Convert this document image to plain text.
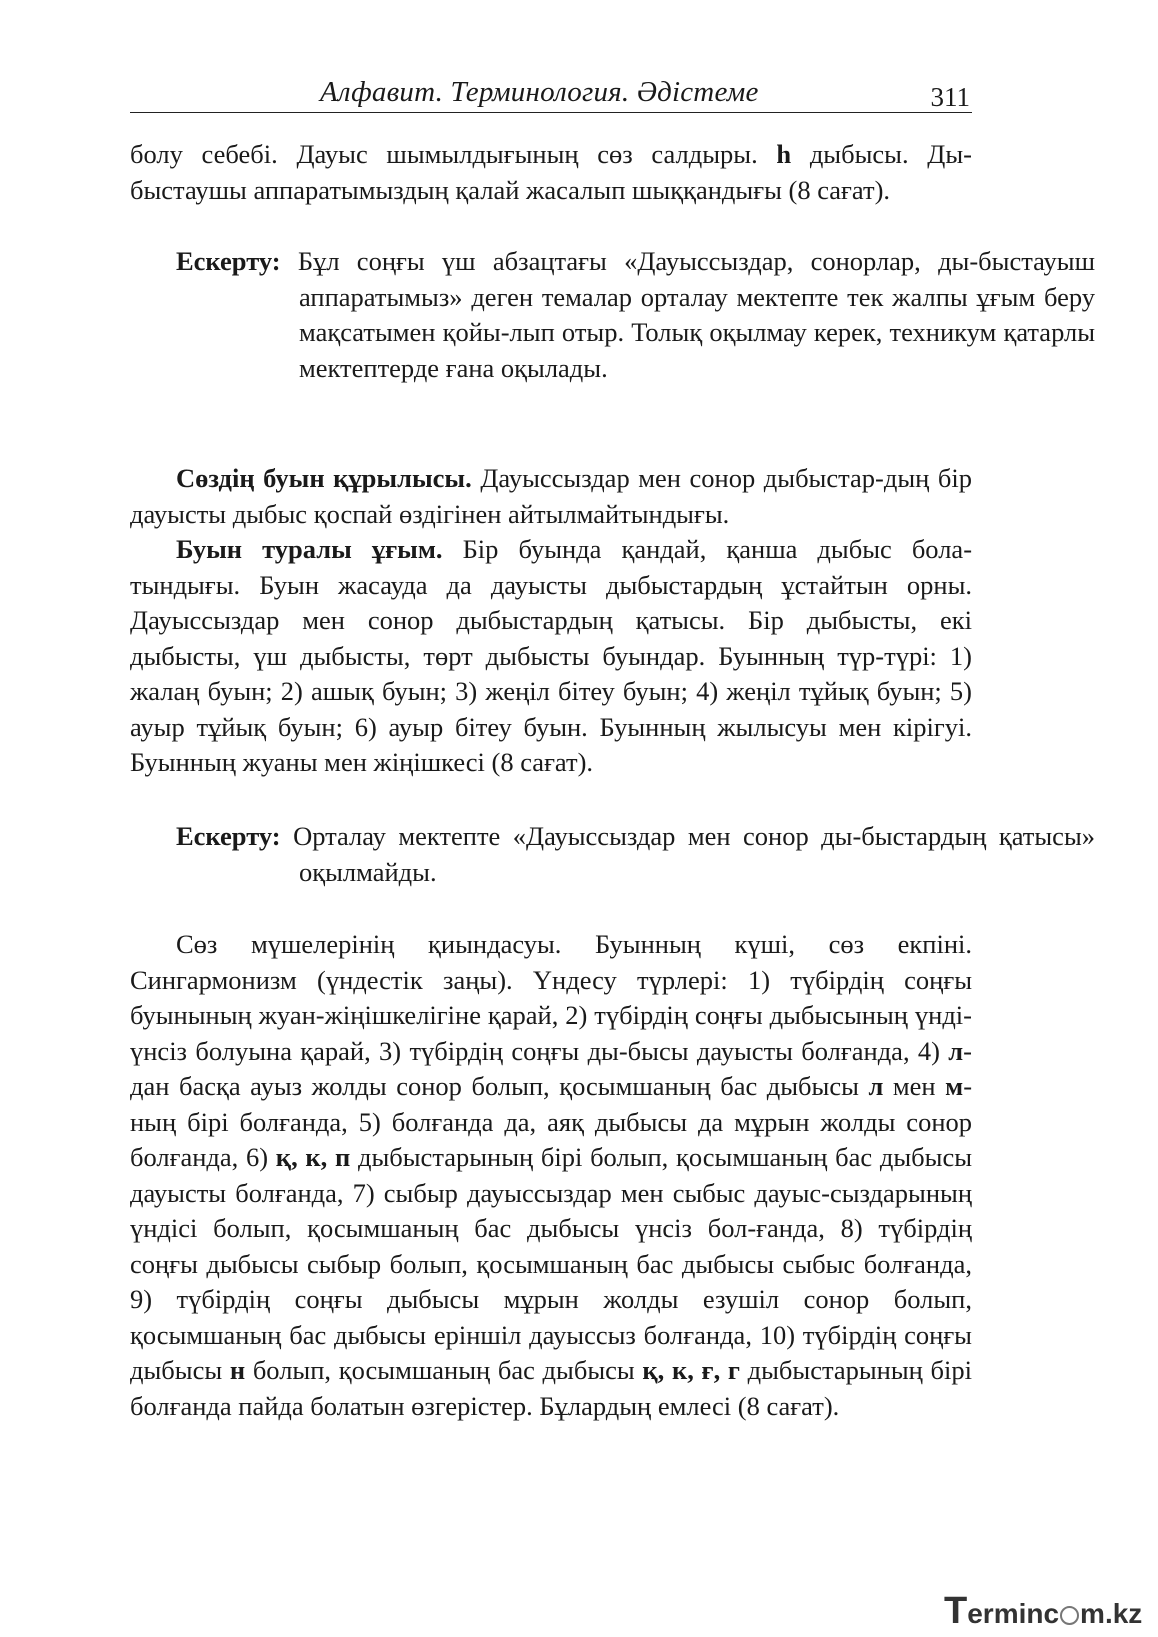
Алфавит. Терминология. Әдістеме	311

болу себебі. Дауыс шымылдығының сөз салдыры. һ дыбысы. Ды-быстаушы аппаратымыздың қалай жасалып шыққандығы (8 сағат).

Ескерту: Бұл соңғы үш абзацтағы «Дауыссыздар, сонорлар, ды-быстауыш аппаратымыз» деген темалар орталау мектепте тек жалпы ұғым беру мақсатымен қойы-лып отыр. Толық оқылмау керек, техникум қатарлы мектептерде ғана оқылады.

Сөздің буын құрылысы. Дауыссыздар мен сонор дыбыстар-дың бір дауысты дыбыс қоспай өздігінен айтылмайтындығы.

Буын туралы ұғым. Бір буында қандай, қанша дыбыс бола-тындығы. Буын жасауда да дауысты дыбыстардың ұстайтын орны. Дауыссыздар мен сонор дыбыстардың қатысы. Бір дыбысты, екі дыбысты, үш дыбысты, төрт дыбысты буындар. Буынның түр-түрі: 1) жалаң буын; 2) ашық буын; 3) жеңіл бітеу буын; 4) жеңіл тұйық буын; 5) ауыр тұйық буын; 6) ауыр бітеу буын. Буынның жылысуы мен кірігуі. Буынның жуаны мен жіңішкесі (8 сағат).

Ескерту: Орталау мектепте «Дауыссыздар мен сонор ды-быстардың қатысы» оқылмайды.

Сөз мүшелерінің қиындасуы. Буынның күші, сөз екпіні. Сингармонизм (үндестік заңы). Үндесу түрлері: 1) түбірдің соңғы буынының жуан-жіңішкелігіне қарай, 2) түбірдің соңғы дыбысының үнді-үнсіз болуына қарай, 3) түбірдің соңғы ды-бысы дауысты болғанда, 4) л-дан басқа ауыз жолды сонор болып, қосымшаның бас дыбысы л мен м-ның бірі болғанда, 5) болғанда да, аяқ дыбысы да мұрын жолды сонор болғанда, 6) қ, к, п дыбыстарының бірі болып, қосымшаның бас дыбысы дауысты болғанда, 7) сыбыр дауыссыздар мен сыбыс дауыс-сыздарының үндісі болып, қосымшаның бас дыбысы үнсіз бол-ғанда, 8) түбірдің соңғы дыбысы сыбыр болып, қосымшаның бас дыбысы сыбыс болғанда, 9) түбірдің соңғы дыбысы мұрын жолды езушіл сонор болып, қосымшаның бас дыбысы еріншіл дауыссыз болғанда, 10) түбірдің соңғы дыбысы н болып, қосымшаның бас дыбысы қ, к, ғ, г дыбыстарының бірі болғанда пайда болатын өзгерістер. Бұлардың емлесі (8 сағат).

Terminc m.kz
